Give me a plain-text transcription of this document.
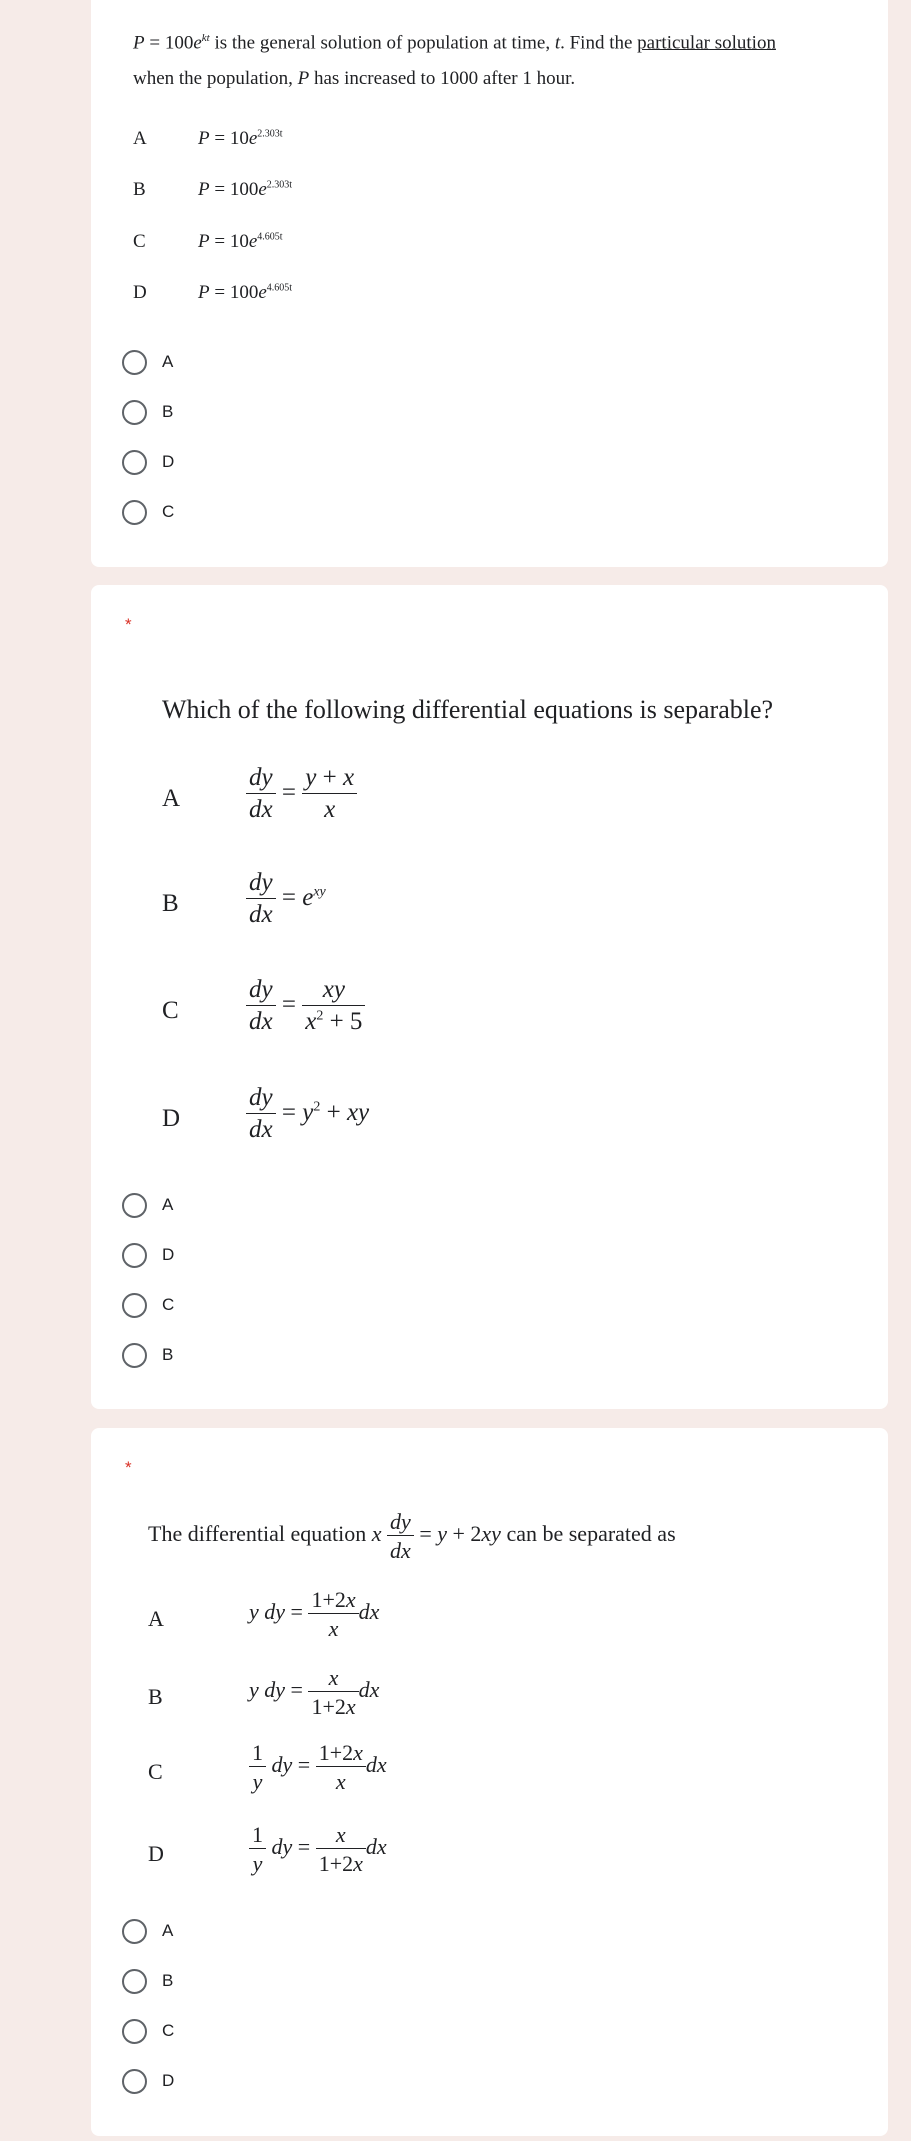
$P = 100e^{kt}$ is the general solution of population at time, t. Find the particular solution
when the population, P has increased to 1000 after 1 hour.
A	$P = 10e^{2.303t}$
B	$P = 100e^{2.303t}$
C	$P = 10e^{4.605t}$
D	$P = 100e^{4.605t}$
A
B
D
C
*
Which of the following differential equations is separable?
A	$\frac{dy}{dx} = \frac{y + x}{x}$
B	$\frac{dy}{dx} = e^{xy}$
C	$\frac{dy}{dx} = \frac{xy}{x^2 + 5}$
D	$\frac{dy}{dx} = y^2$ + xy
A
D
C
B
*
The differential equation x $\frac{dy}{dx} = y + 2xy$ can be separated as
A	y dy = $\frac{1+2x}{x}$ dx
B	y dy = $\frac{x}{1+2x}$ dx
C	$\frac{1}{y}$ dy = $\frac{1+2x}{x}$ dx
D	$\frac{1}{y}$ dy = $\frac{x}{1+2x}$ dx
A
B
C
D
